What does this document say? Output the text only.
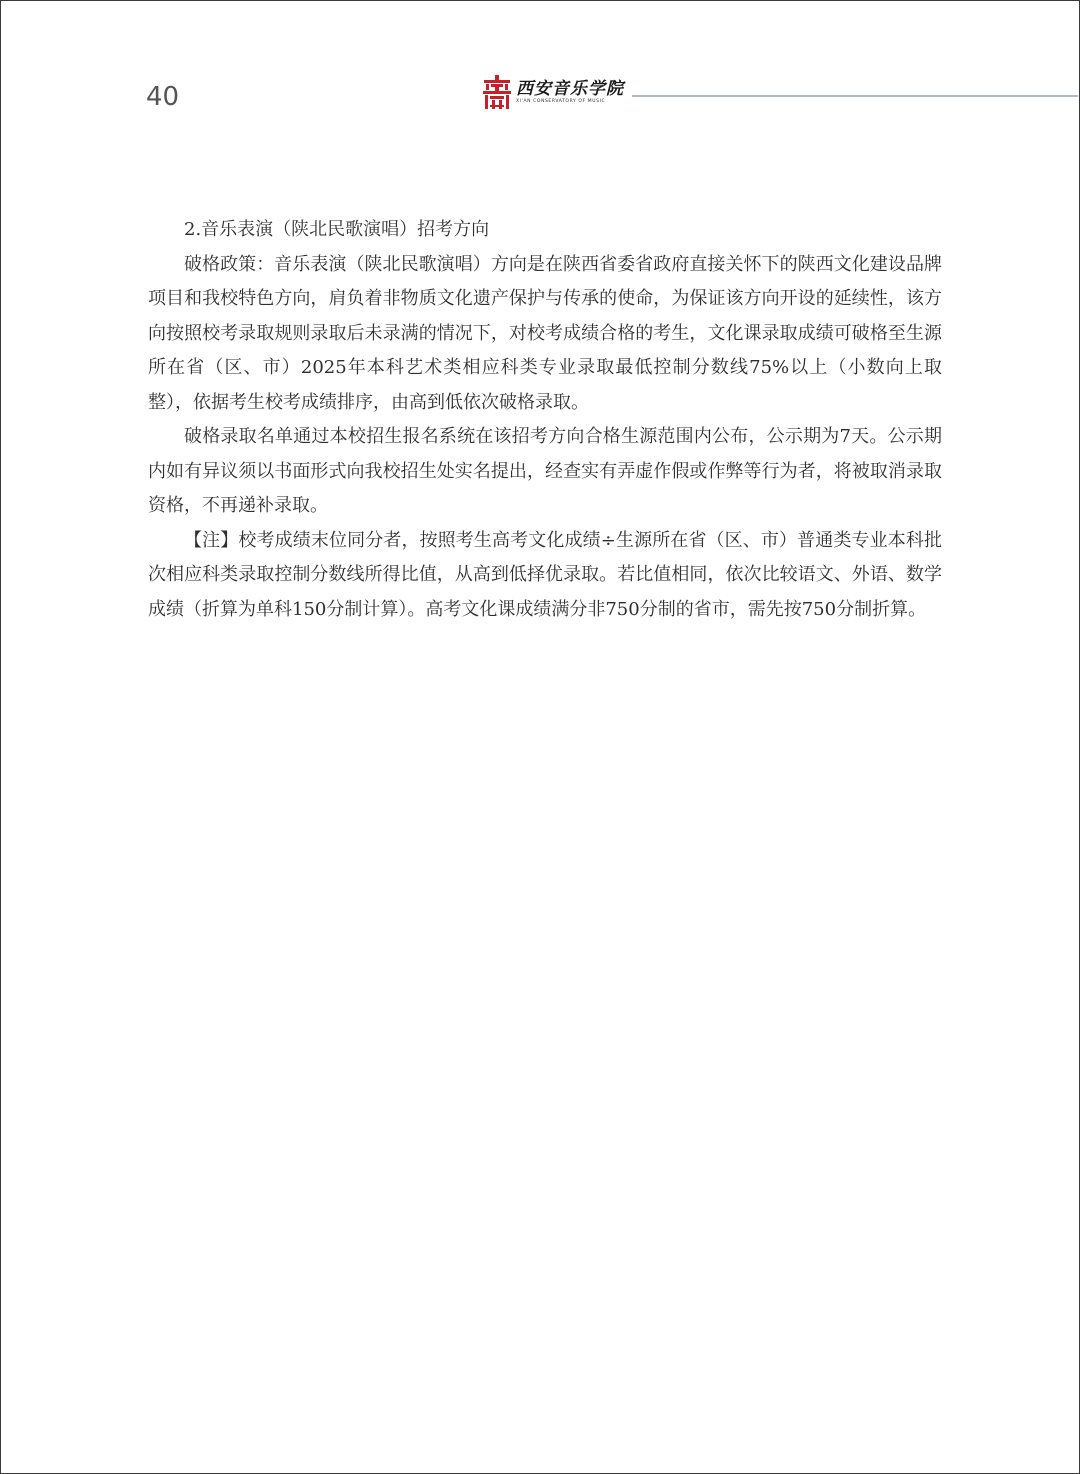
40	西安音乐学院
XI'AN CONSERVATORY OF MUSIC

2.音乐表演（陕北民歌演唱）招考方向

破格政策：音乐表演（陕北民歌演唱）方向是在陕西省委省政府直接关怀下的陕西文化建设品牌项目和我校特色方向，肩负着非物质文化遗产保护与传承的使命，为保证该方向开设的延续性，该方向按照校考录取规则录取后未录满的情况下，对校考成绩合格的考生，文化课录取成绩可破格至生源所在省（区、市）2025年本科艺术类相应科类专业录取最低控制分数线75%以上（小数向上取整），依据考生校考成绩排序，由高到低依次破格录取。

破格录取名单通过本校招生报名系统在该招考方向合格生源范围内公布，公示期为7天。公示期内如有异议须以书面形式向我校招生处实名提出，经查实有弄虚作假或作弊等行为者，将被取消录取资格，不再递补录取。

【注】校考成绩末位同分者，按照考生高考文化成绩÷生源所在省（区、市）普通类专业本科批次相应科类录取控制分数线所得比值，从高到低择优录取。若比值相同，依次比较语文、外语、数学成绩（折算为单科150分制计算）。高考文化课成绩满分非750分制的省市，需先按750分制折算。
